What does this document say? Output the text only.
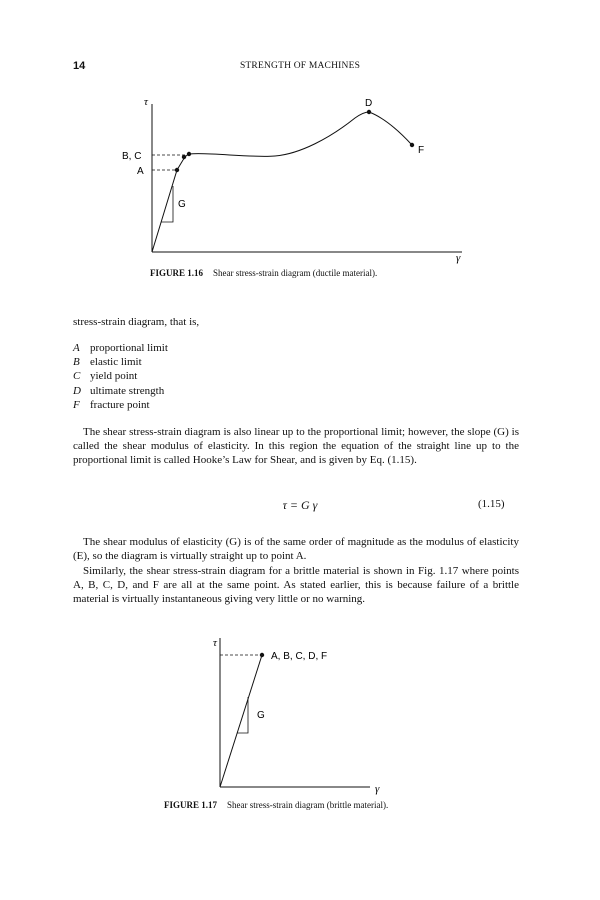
14	STRENGTH OF MACHINES
τ
B, C
A
G
D
F
γ
FIGURE 1.16 Shear stress-strain diagram (ductile material).
stress-strain diagram, that is,
A proportional limit
B elastic limit
C yield point
D ultimate strength
F fracture point
The shear stress-strain diagram is also linear up to the proportional limit; however, the slope (G) is called the shear modulus of elasticity. In this region the equation of the straight line up to the proportional limit is called Hooke’s Law for Shear, and is given by Eq. (1.15).
τ = G γ	(1.15)
The shear modulus of elasticity (G) is of the same order of magnitude as the modulus of elasticity (E), so the diagram is virtually straight up to point A.
Similarly, the shear stress-strain diagram for a brittle material is shown in Fig. 1.17 where points A, B, C, D, and F are all at the same point. As stated earlier, this is because failure of a brittle material is virtually instantaneous giving very little or no warning.
τ
A, B, C, D, F
G
γ
FIGURE 1.17 Shear stress-strain diagram (brittle material).
